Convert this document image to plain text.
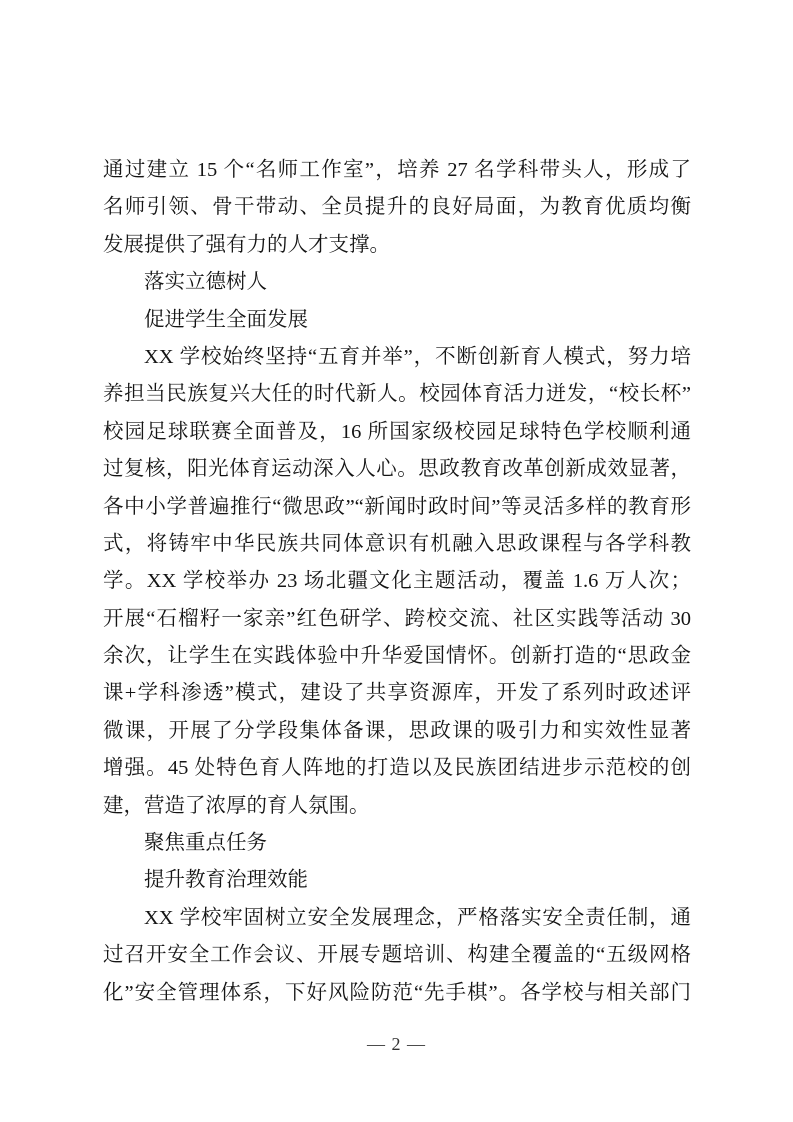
通过建立 15 个“名师工作室”，培养 27 名学科带头人，形成了
名师引领、骨干带动、全员提升的良好局面，为教育优质均衡
发展提供了强有力的人才支撑。
落实立德树人
促进学生全面发展
XX 学校始终坚持“五育并举”，不断创新育人模式，努力培
养担当民族复兴大任的时代新人。校园体育活力迸发，“校长杯”
校园足球联赛全面普及，16 所国家级校园足球特色学校顺利通
过复核，阳光体育运动深入人心。思政教育改革创新成效显著，
各中小学普遍推行“微思政”“新闻时政时间”等灵活多样的教育形
式，将铸牢中华民族共同体意识有机融入思政课程与各学科教
学。XX 学校举办 23 场北疆文化主题活动，覆盖 1.6 万人次；
开展“石榴籽一家亲”红色研学、跨校交流、社区实践等活动 30
余次，让学生在实践体验中升华爱国情怀。创新打造的“思政金
课+学科渗透”模式，建设了共享资源库，开发了系列时政述评
微课，开展了分学段集体备课，思政课的吸引力和实效性显著
增强。45 处特色育人阵地的打造以及民族团结进步示范校的创
建，营造了浓厚的育人氛围。
聚焦重点任务
提升教育治理效能
XX 学校牢固树立安全发展理念，严格落实安全责任制，通
过召开安全工作会议、开展专题培训、构建全覆盖的“五级网格
化”安全管理体系，下好风险防范“先手棋”。各学校与相关部门
— 2 —
